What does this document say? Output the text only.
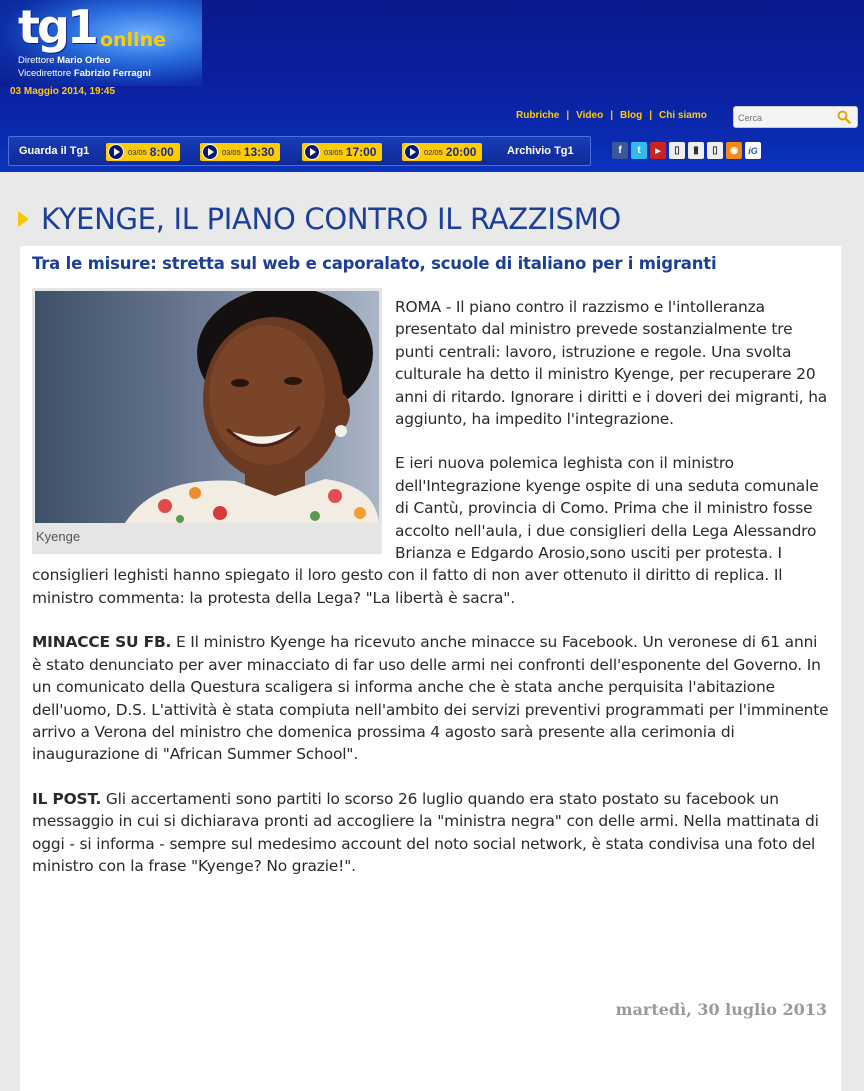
tg1 online
Direttore Mario Orfeo
Vicedirettore Fabrizio Ferragni
03 Maggio 2014, 19:45
Rubriche | Video | Blog | Chi siamo
Cerca
Guarda il Tg1	03/05 8:00	03/05 13:30	03/05 17:00	02/05 20:00	Archivio Tg1	f	t	▶	▯	▮	▯	◉	iG
KYENGE, IL PIANO CONTRO IL RAZZISMO
Tra le misure: stretta sul web e caporalato, scuole di italiano per i migranti
Kyenge

ROMA - Il piano contro il razzismo e l'intolleranza presentato dal ministro prevede sostanzialmente tre punti centrali: lavoro, istruzione e regole. Una svolta culturale ha detto il ministro Kyenge, per recuperare 20 anni di ritardo. Ignorare i diritti e i doveri dei migranti, ha aggiunto, ha impedito l'integrazione.

E ieri nuova polemica leghista con il ministro dell'Integrazione kyenge ospite di una seduta comunale di Cantù, provincia di Como. Prima che il ministro fosse accolto nell'aula, i due consiglieri della Lega Alessandro Brianza e Edgardo Arosio,sono usciti per protesta. I consiglieri leghisti hanno spiegato il loro gesto con il fatto di non aver ottenuto il diritto di replica. Il ministro commenta: la protesta della Lega? "La libertà è sacra".

MINACCE SU FB. E Il ministro Kyenge ha ricevuto anche minacce su Facebook. Un veronese di 61 anni è stato denunciato per aver minacciato di far uso delle armi nei confronti dell'esponente del Governo. In un comunicato della Questura scaligera si informa anche che è stata anche perquisita l'abitazione dell'uomo, D.S. L'attività è stata compiuta nell'ambito dei servizi preventivi programmati per l'imminente arrivo a Verona del ministro che domenica prossima 4 agosto sarà presente alla cerimonia di inaugurazione di "African Summer School".

IL POST. Gli accertamenti sono partiti lo scorso 26 luglio quando era stato postato su facebook un messaggio in cui si dichiarava pronti ad accogliere la "ministra negra" con delle armi. Nella mattinata di oggi - si informa - sempre sul medesimo account del noto social network, è stata condivisa una foto del ministro con la frase "Kyenge? No grazie!".

martedì, 30 luglio 2013
